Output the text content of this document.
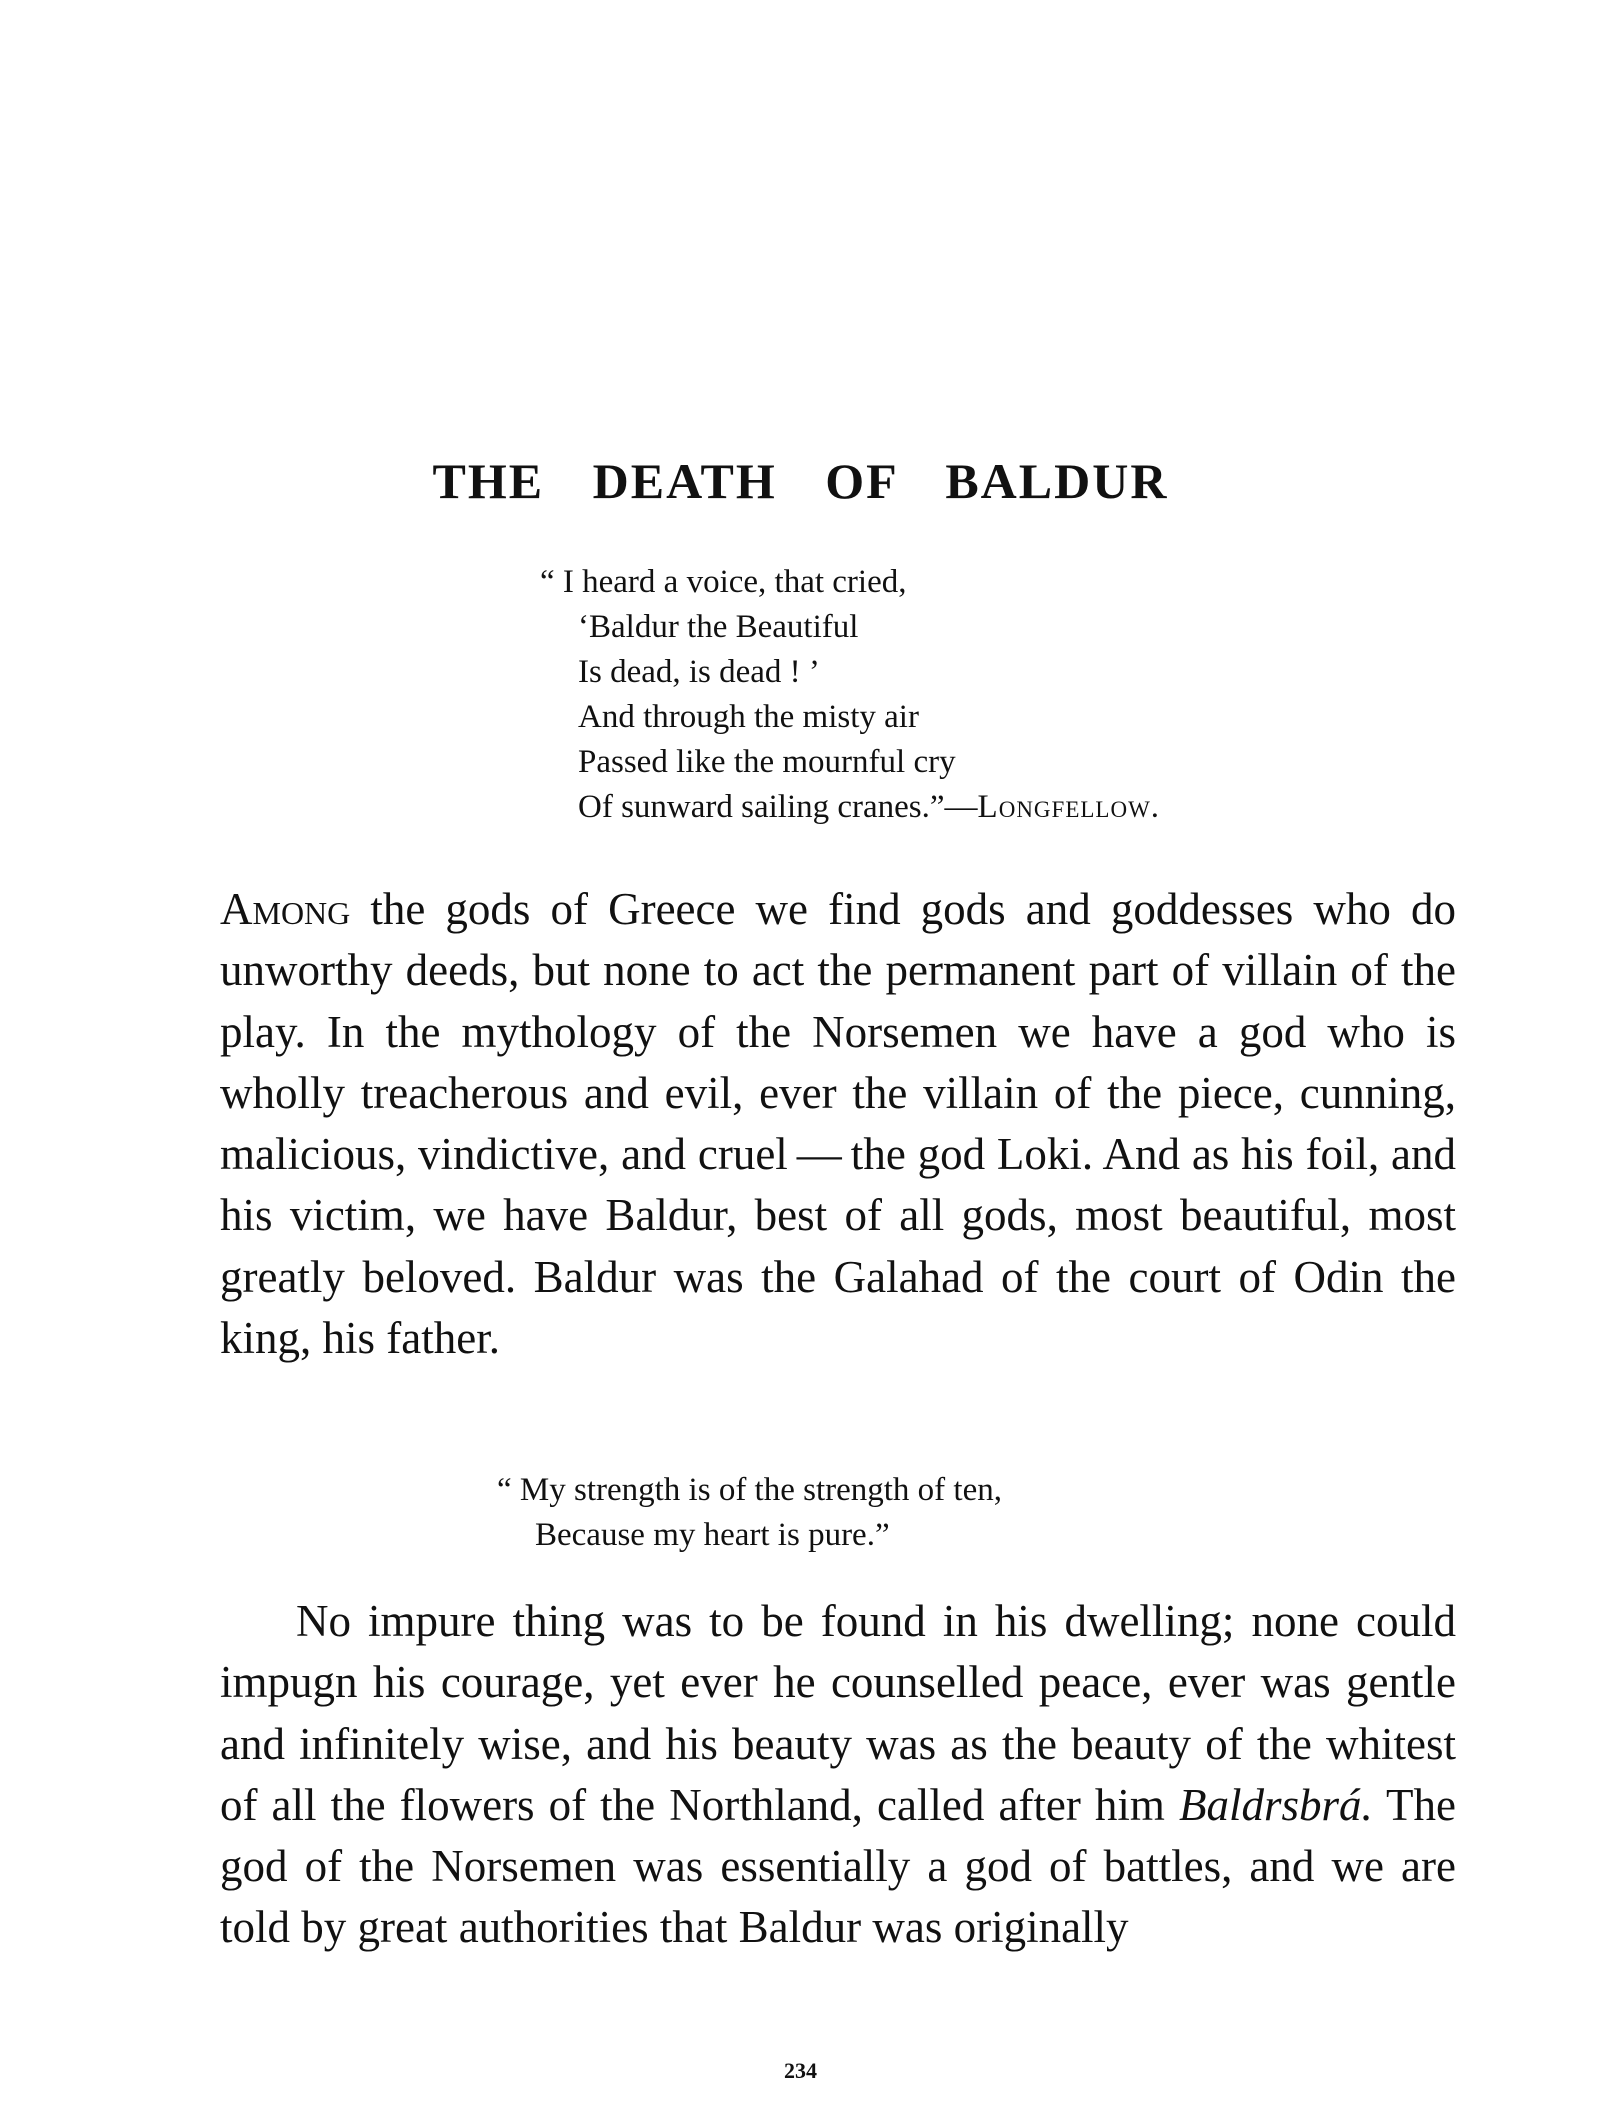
THE DEATH OF BALDUR
“ I heard a voice, that cried,
‘Baldur the Beautiful
Is dead, is dead ! ’
And through the misty air
Passed like the mournful cry
Of sunward sailing cranes.”—Longfellow.

Among the gods of Greece we find gods and goddesses who do unworthy deeds, but none to act the permanent part of villain of the play. In the mythology of the Norsemen we have a god who is wholly treacherous and evil, ever the villain of the piece, cunning, malicious, vindictive, and cruel — the god Loki. And as his foil, and his victim, we have Baldur, best of all gods, most beautiful, most greatly beloved. Baldur was the Galahad of the court of Odin the king, his father.

“ My strength is of the strength of ten,
Because my heart is pure.”

No impure thing was to be found in his dwelling; none could impugn his courage, yet ever he counselled peace, ever was gentle and infinitely wise, and his beauty was as the beauty of the whitest of all the flowers of the Northland, called after him Baldrsbrá. The god of the Norsemen was essentially a god of battles, and we are told by great authorities that Baldur was originally

234
